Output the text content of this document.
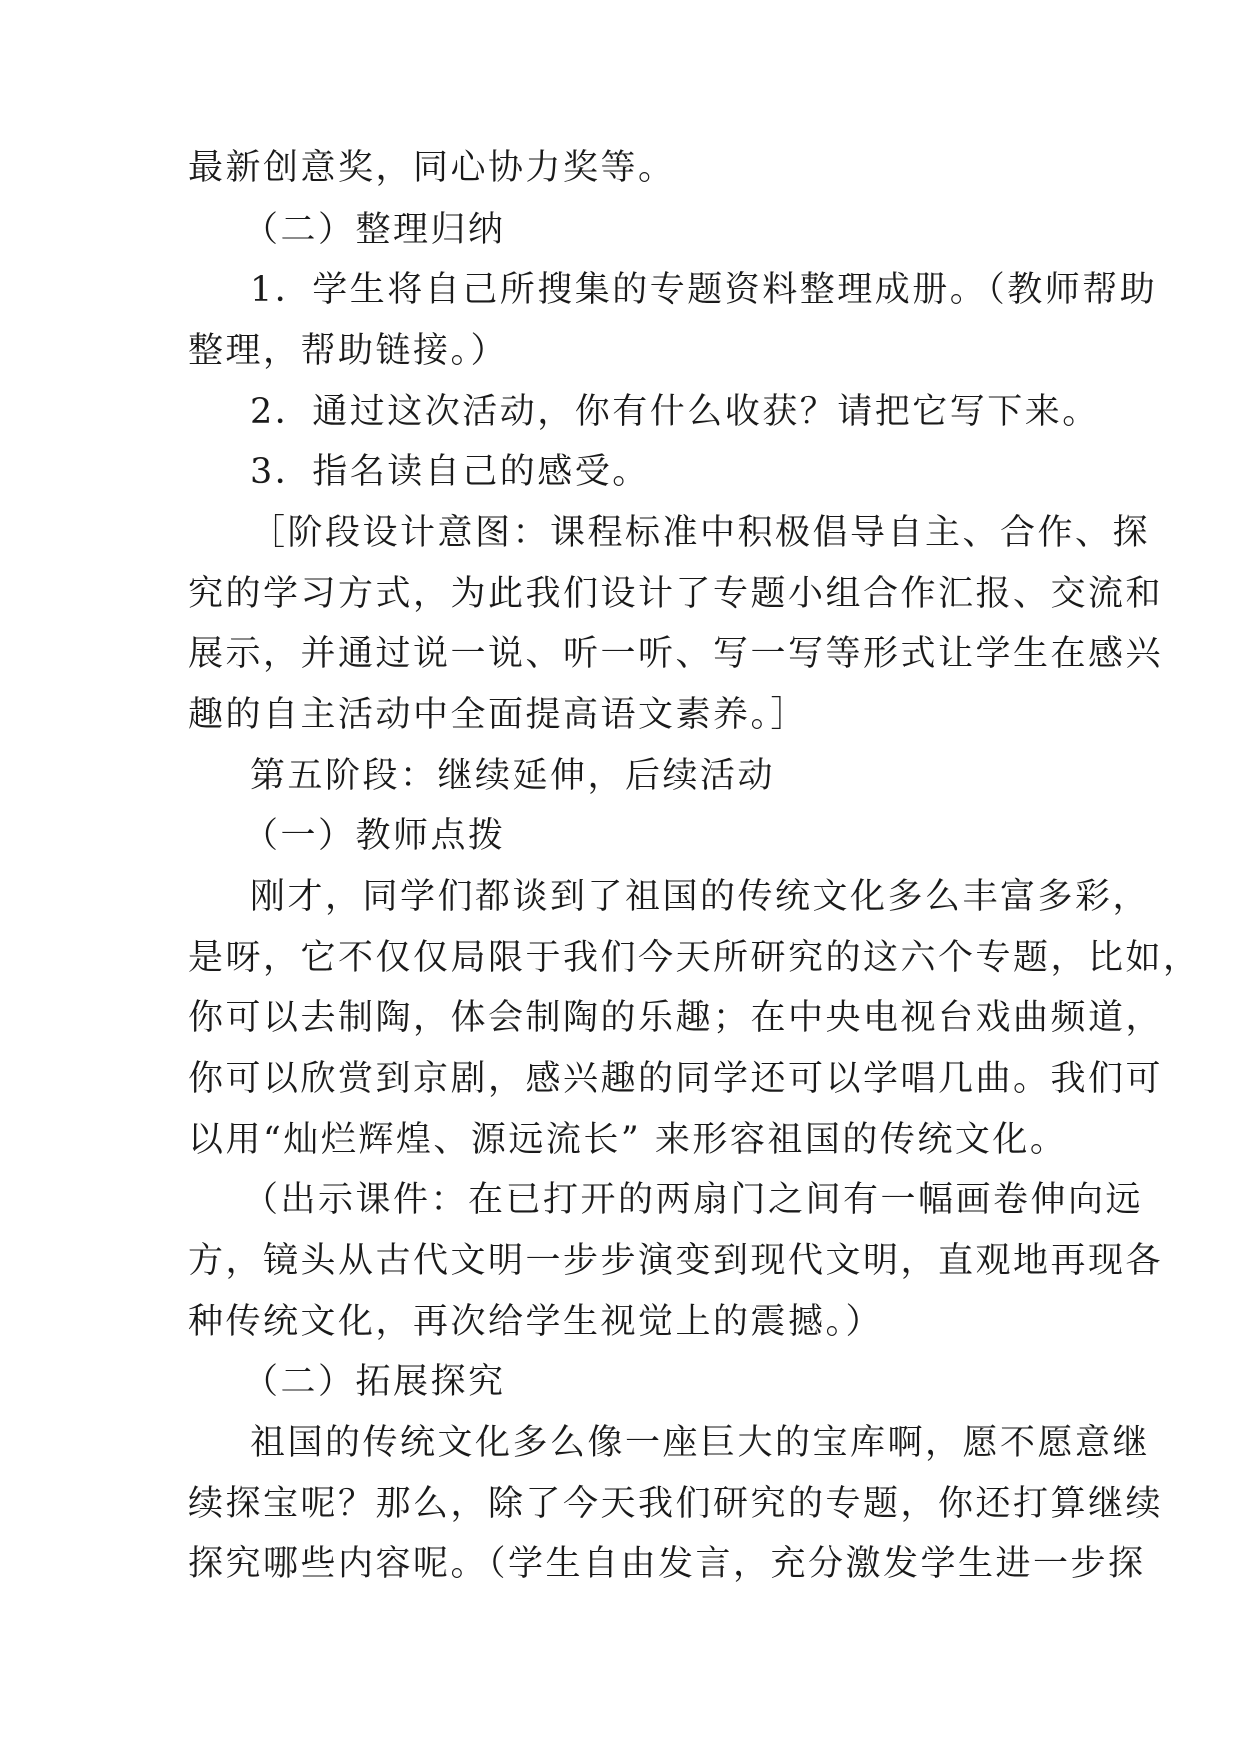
最新创意奖，同心协力奖等。
（二）整理归纳
1．学生将自己所搜集的专题资料整理成册。（教师帮助
整理，帮助链接。）
2．通过这次活动，你有什么收获？请把它写下来。
3．指名读自己的感受。
［阶段设计意图：课程标准中积极倡导自主、合作、探
究的学习方式，为此我们设计了专题小组合作汇报、交流和
展示，并通过说一说、听一听、写一写等形式让学生在感兴
趣的自主活动中全面提高语文素养。］
第五阶段：继续延伸，后续活动
（一）教师点拨
刚才，同学们都谈到了祖国的传统文化多么丰富多彩，
是呀，它不仅仅局限于我们今天所研究的这六个专题，比如，
你可以去制陶，体会制陶的乐趣；在中央电视台戏曲频道，
你可以欣赏到京剧，感兴趣的同学还可以学唱几曲。我们可
以用“灿烂辉煌、源远流长” 来形容祖国的传统文化。
（出示课件：在已打开的两扇门之间有一幅画卷伸向远
方，镜头从古代文明一步步演变到现代文明，直观地再现各
种传统文化，再次给学生视觉上的震撼。）
（二）拓展探究
祖国的传统文化多么像一座巨大的宝库啊，愿不愿意继
续探宝呢？那么，除了今天我们研究的专题，你还打算继续
探究哪些内容呢。（学生自由发言，充分激发学生进一步探
